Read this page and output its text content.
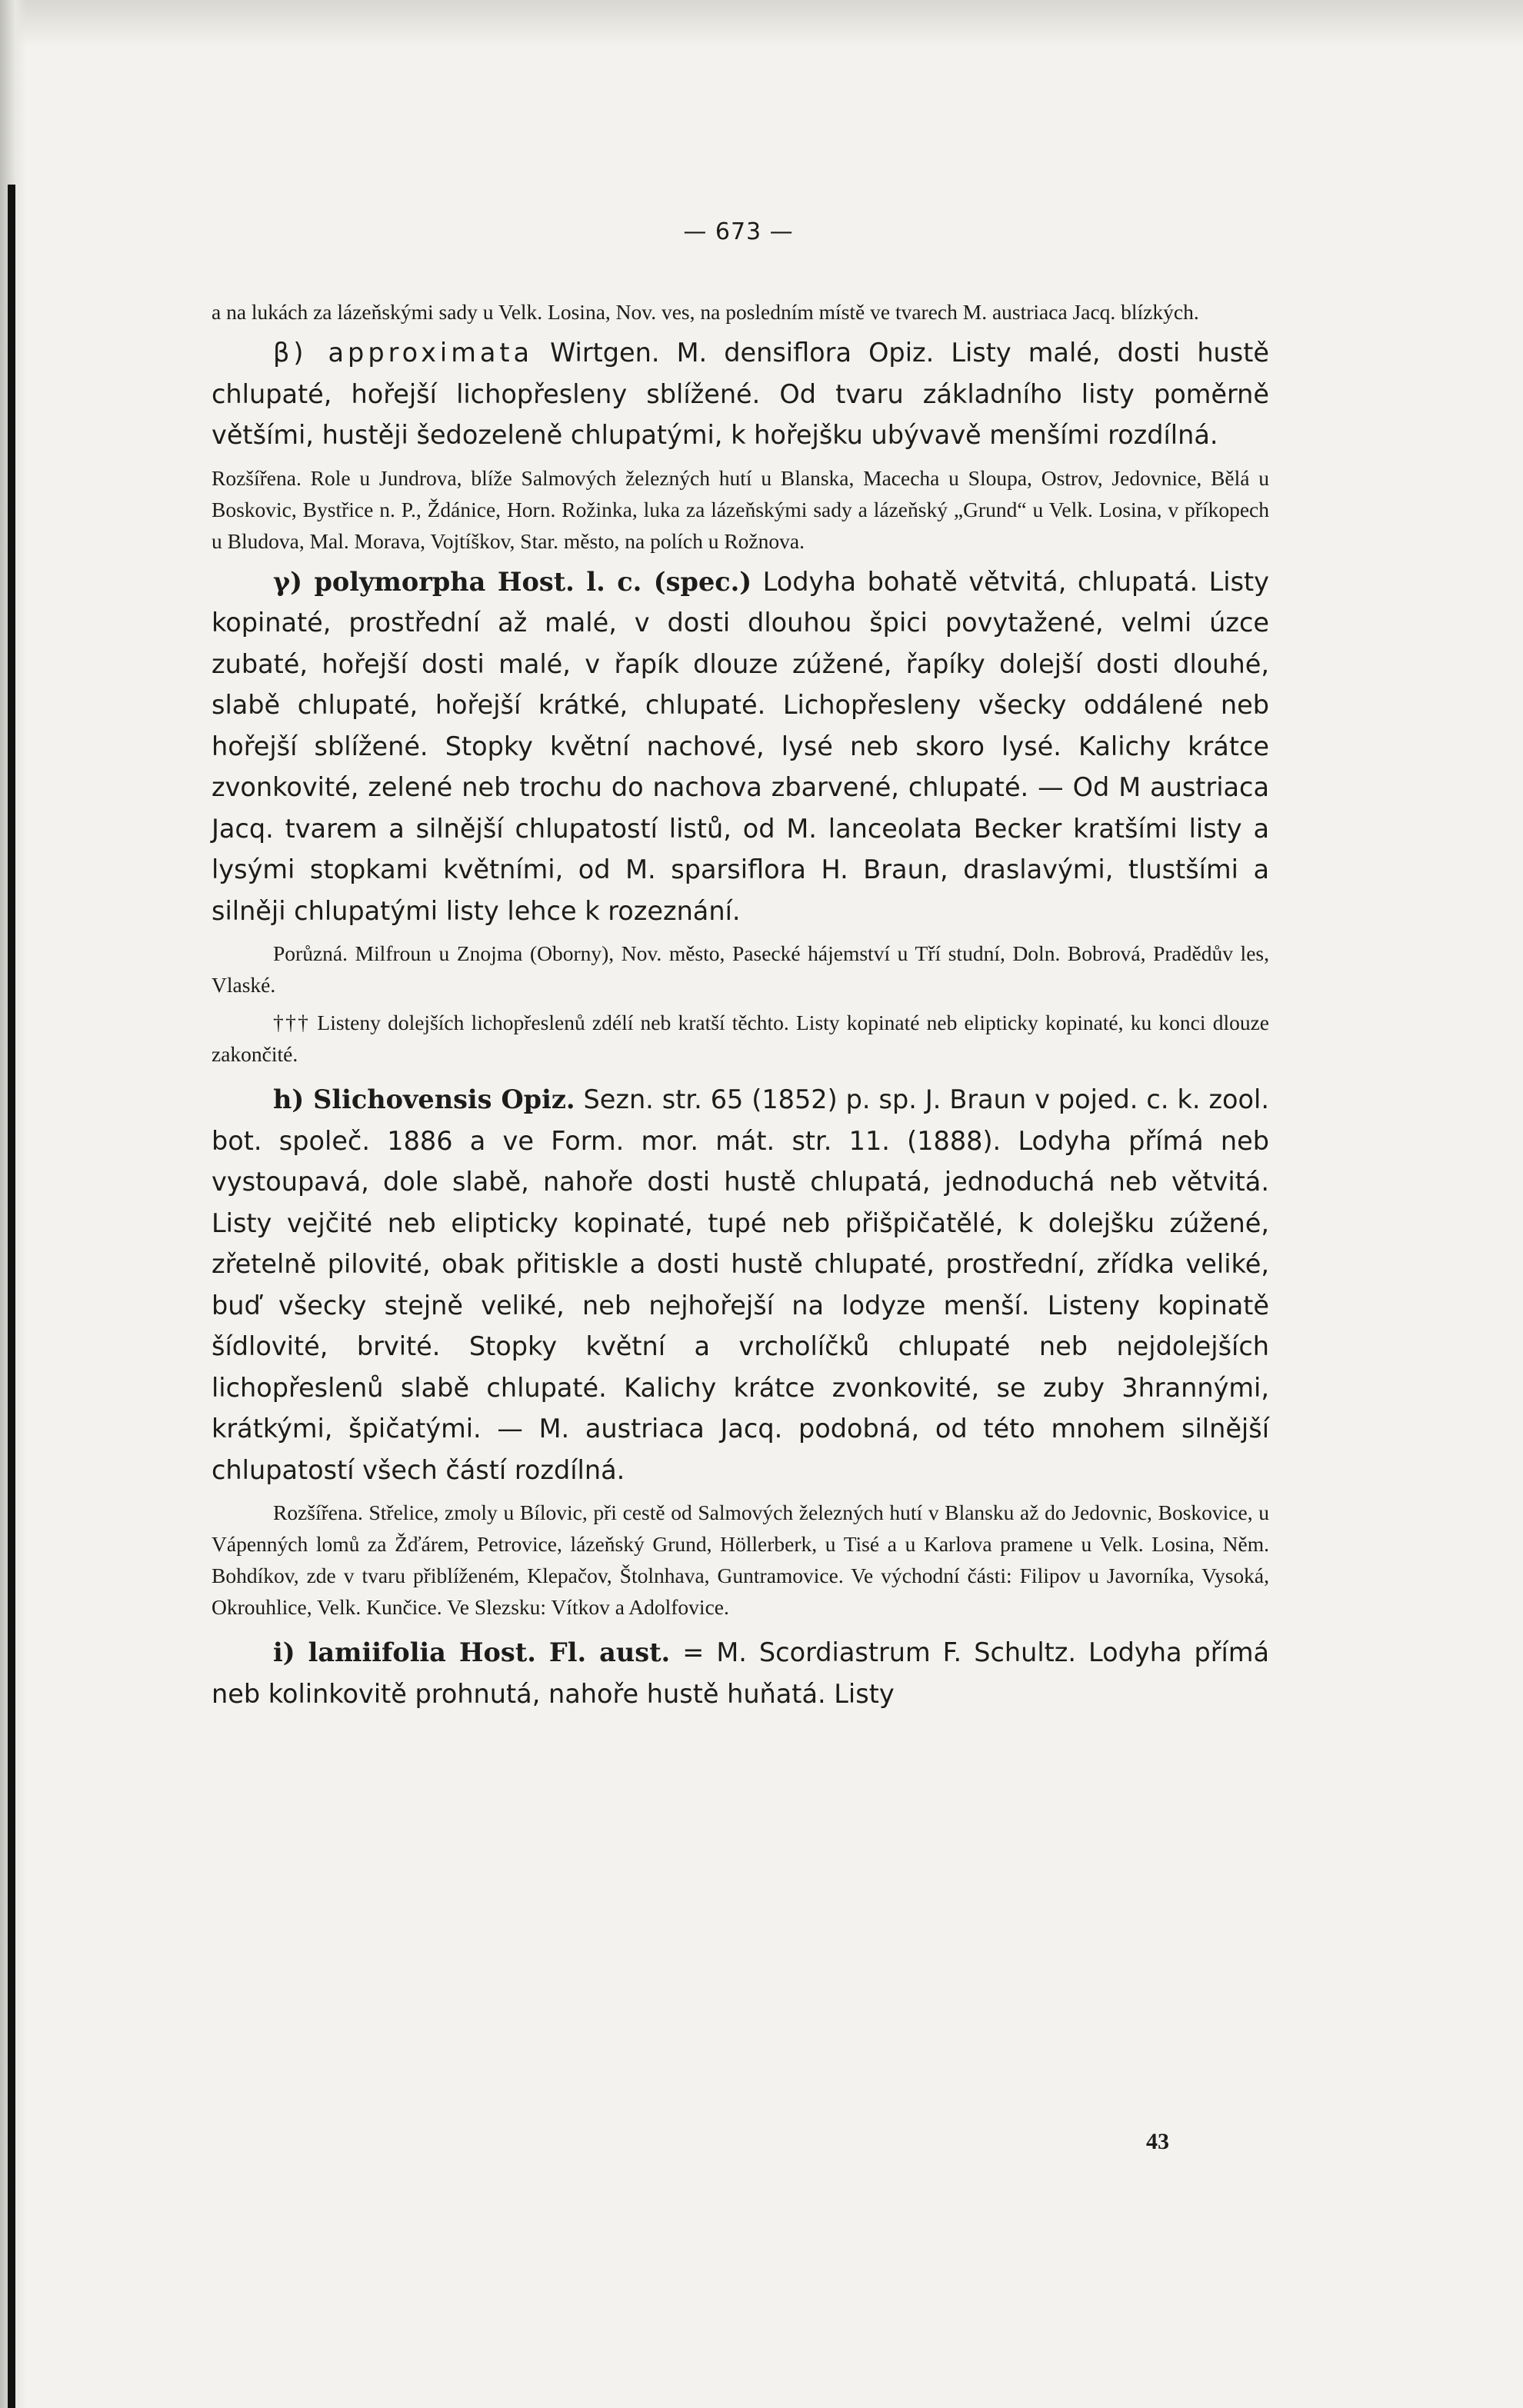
— 673 —

a na lukách za lázeňskými sady u Velk. Losina, Nov. ves, na posledním místě ve tvarech M. austriaca Jacq. blízkých.

β) approximata Wirtgen. M. densiflora Opiz. Listy malé, dosti hustě chlupaté, hořejší lichopřesleny sblížené. Od tvaru základního listy poměrně většími, hustěji šedozeleně chlupatými, k hořejšku ubývavě menšími rozdílná.

Rozšířena. Role u Jundrova, blíže Salmových železných hutí u Blanska, Macecha u Sloupa, Ostrov, Jedovnice, Bělá u Boskovic, Bystřice n. P., Ždánice, Horn. Rožinka, luka za lázeňskými sady a lázeňský „Grund“ u Velk. Losina, v příkopech u Bludova, Mal. Morava, Vojtíškov, Star. město, na polích u Rožnova.

γ) polymorpha Host. l. c. (spec.) Lodyha bohatě větvitá, chlupatá. Listy kopinaté, prostřední až malé, v dosti dlouhou špici povytažené, velmi úzce zubaté, hořejší dosti malé, v řapík dlouze zúžené, řapíky dolejší dosti dlouhé, slabě chlupaté, hořejší krátké, chlupaté. Lichopřesleny všecky oddálené neb hořejší sblížené. Stopky květní nachové, lysé neb skoro lysé. Kalichy krátce zvonkovité, zelené neb trochu do nachova zbarvené, chlupaté. — Od M austriaca Jacq. tvarem a silnější chlupatostí listů, od M. lanceolata Becker kratšími listy a lysými stopkami květními, od M. sparsiflora H. Braun, draslavými, tlustšími a silněji chlupatými listy lehce k rozeznání.

Porůzná. Milfroun u Znojma (Oborny), Nov. město, Pasecké hájemství u Tří studní, Doln. Bobrová, Pradědův les, Vlaské.

††† Listeny dolejších lichopřeslenů zdélí neb kratší těchto. Listy kopinaté neb elipticky kopinaté, ku konci dlouze zakončité.

h) Slichovensis Opiz. Sezn. str. 65 (1852) p. sp. J. Braun v pojed. c. k. zool. bot. společ. 1886 a ve Form. mor. mát. str. 11. (1888). Lodyha přímá neb vystoupavá, dole slabě, nahoře dosti hustě chlupatá, jednoduchá neb větvitá. Listy vejčité neb elipticky kopinaté, tupé neb přišpičatělé, k dolejšku zúžené, zřetelně pilovité, obak přitiskle a dosti hustě chlupaté, prostřední, zřídka veliké, buď všecky stejně veliké, neb nejhořejší na lodyze menší. Listeny kopinatě šídlovité, brvité. Stopky květní a vrcholíčků chlupaté neb nejdolejších lichopřeslenů slabě chlupaté. Kalichy krátce zvonkovité, se zuby 3hrannými, krátkými, špičatými. — M. austriaca Jacq. podobná, od této mnohem silnější chlupatostí všech částí rozdílná.

Rozšířena. Střelice, zmoly u Bílovic, při cestě od Salmových železných hutí v Blansku až do Jedovnic, Boskovice, u Vápenných lomů za Žďárem, Petrovice, lázeňský Grund, Höllerberk, u Tisé a u Karlova pramene u Velk. Losina, Něm. Bohdíkov, zde v tvaru přiblíženém, Klepačov, Štolnhava, Guntramovice. Ve východní části: Filipov u Javorníka, Vysoká, Okrouhlice, Velk. Kunčice. Ve Slezsku: Vítkov a Adolfovice.

i) lamiifolia Host. Fl. aust. = M. Scordiastrum F. Schultz. Lodyha přímá neb kolinkovitě prohnutá, nahoře hustě huňatá. Listy

43
